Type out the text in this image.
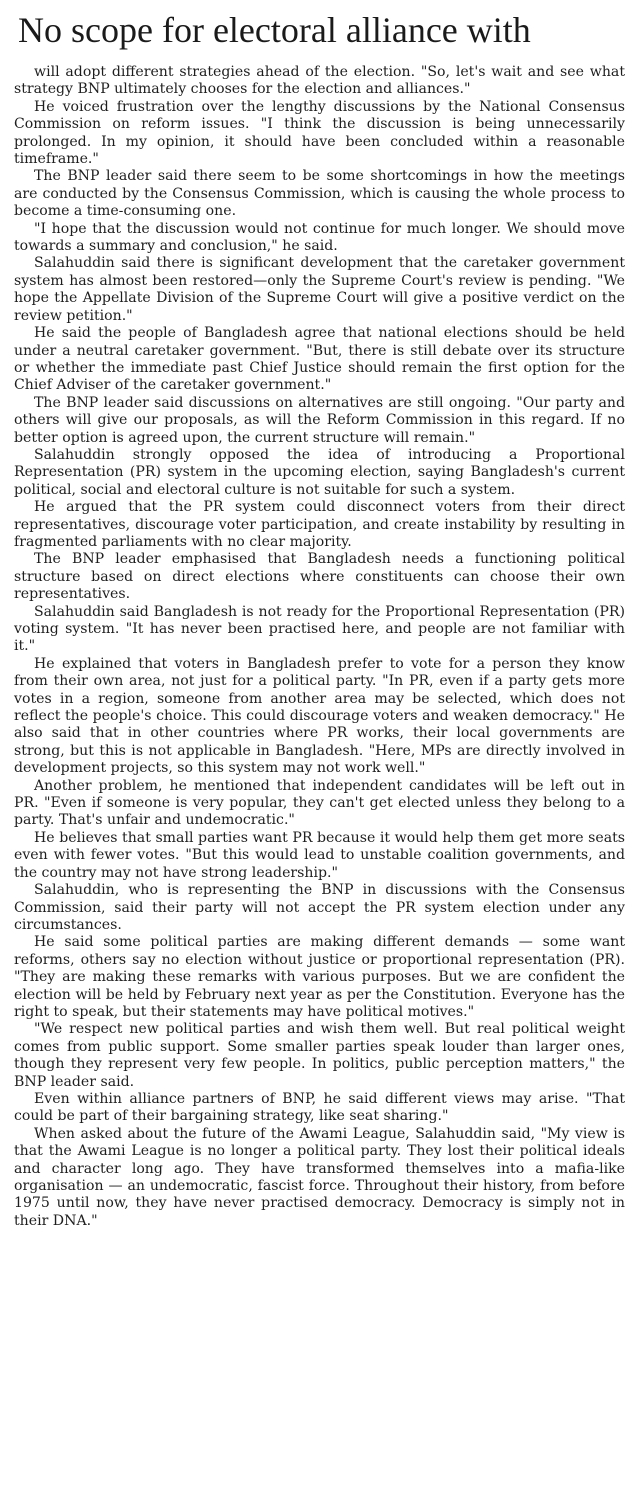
No scope for electoral alliance with

will adopt different strategies ahead of the election. "So, let's wait and see what strategy BNP ultimately chooses for the election and alliances."

He voiced frustration over the lengthy discussions by the National Consensus Commission on reform issues. "I think the discussion is being unnecessarily prolonged. In my opinion, it should have been concluded within a reasonable timeframe."

The BNP leader said there seem to be some shortcomings in how the meetings are conducted by the Consensus Commission, which is causing the whole process to become a time-consuming one.

"I hope that the discussion would not continue for much longer. We should move towards a summary and conclusion," he said.

Salahuddin said there is significant development that the caretaker government system has almost been restored—only the Supreme Court's review is pending. "We hope the Appellate Division of the Supreme Court will give a positive verdict on the review petition."

He said the people of Bangladesh agree that national elections should be held under a neutral caretaker government. "But, there is still debate over its structure or whether the immediate past Chief Justice should remain the first option for the Chief Adviser of the caretaker government."

The BNP leader said discussions on alternatives are still ongoing. "Our party and others will give our proposals, as will the Reform Commission in this regard. If no better option is agreed upon, the current structure will remain."

Salahuddin strongly opposed the idea of introducing a Proportional Representation (PR) system in the upcoming election, saying Bangladesh's current political, social and electoral culture is not suitable for such a system.

He argued that the PR system could disconnect voters from their direct representatives, discourage voter participation, and create instability by resulting in fragmented parliaments with no clear majority.

The BNP leader emphasised that Bangladesh needs a functioning political structure based on direct elections where constituents can choose their own representatives.

Salahuddin said Bangladesh is not ready for the Proportional Representation (PR) voting system. "It has never been practised here, and people are not familiar with it."

He explained that voters in Bangladesh prefer to vote for a person they know from their own area, not just for a political party. "In PR, even if a party gets more votes in a region, someone from another area may be selected, which does not reflect the people's choice. This could discourage voters and weaken democracy." He also said that in other countries where PR works, their local governments are strong, but this is not applicable in Bangladesh. "Here, MPs are directly involved in development projects, so this system may not work well."

Another problem, he mentioned that independent candidates will be left out in PR. "Even if someone is very popular, they can't get elected unless they belong to a party. That's unfair and undemocratic."

He believes that small parties want PR because it would help them get more seats even with fewer votes. "But this would lead to unstable coalition governments, and the country may not have strong leadership."

Salahuddin, who is representing the BNP in discussions with the Consensus Commission, said their party will not accept the PR system election under any circumstances.

He said some political parties are making different demands — some want reforms, others say no election without justice or proportional representation (PR). "They are making these remarks with various purposes. But we are confident the election will be held by February next year as per the Constitution. Everyone has the right to speak, but their statements may have political motives."

"We respect new political parties and wish them well. But real political weight comes from public support. Some smaller parties speak louder than larger ones, though they represent very few people. In politics, public perception matters," the BNP leader said.

Even within alliance partners of BNP, he said different views may arise. "That could be part of their bargaining strategy, like seat sharing."

When asked about the future of the Awami League, Salahuddin said, "My view is that the Awami League is no longer a political party. They lost their political ideals and character long ago. They have transformed themselves into a mafia-like organisation — an undemocratic, fascist force. Throughout their history, from before 1975 until now, they have never practised democracy. Democracy is simply not in their DNA."
